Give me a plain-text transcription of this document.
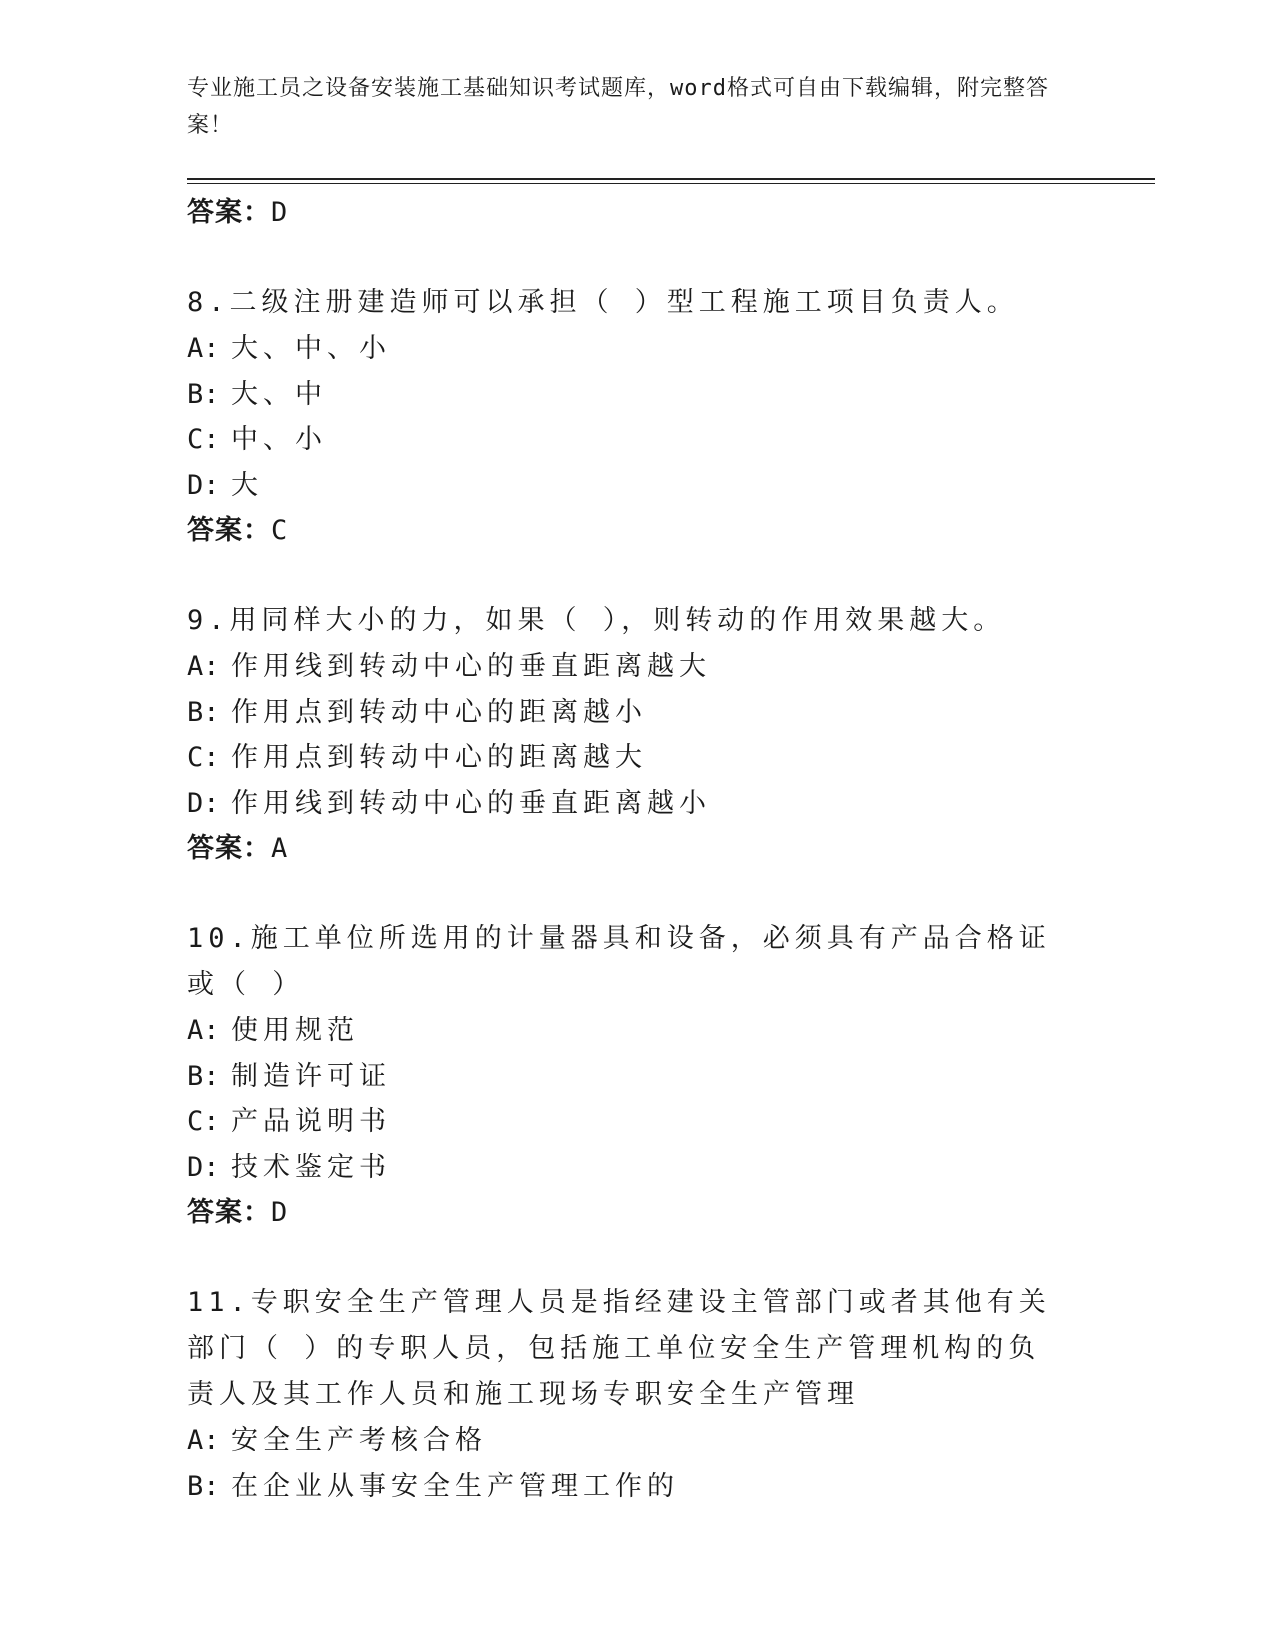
专业施工员之设备安装施工基础知识考试题库，word格式可自由下载编辑，附完整答案！
答案：D
8.二级注册建造师可以承担（ ）型工程施工项目负责人。
A: 大、中、小
B: 大、中
C: 中、小
D: 大
答案：C
9.用同样大小的力，如果（ ），则转动的作用效果越大。
A: 作用线到转动中心的垂直距离越大
B: 作用点到转动中心的距离越小
C: 作用点到转动中心的距离越大
D: 作用线到转动中心的垂直距离越小
答案：A
10.施工单位所选用的计量器具和设备，必须具有产品合格证或（ ）
A: 使用规范
B: 制造许可证
C: 产品说明书
D: 技术鉴定书
答案：D
11.专职安全生产管理人员是指经建设主管部门或者其他有关部门（ ）的专职人员，包括施工单位安全生产管理机构的负责人及其工作人员和施工现场专职安全生产管理
A: 安全生产考核合格
B: 在企业从事安全生产管理工作的
